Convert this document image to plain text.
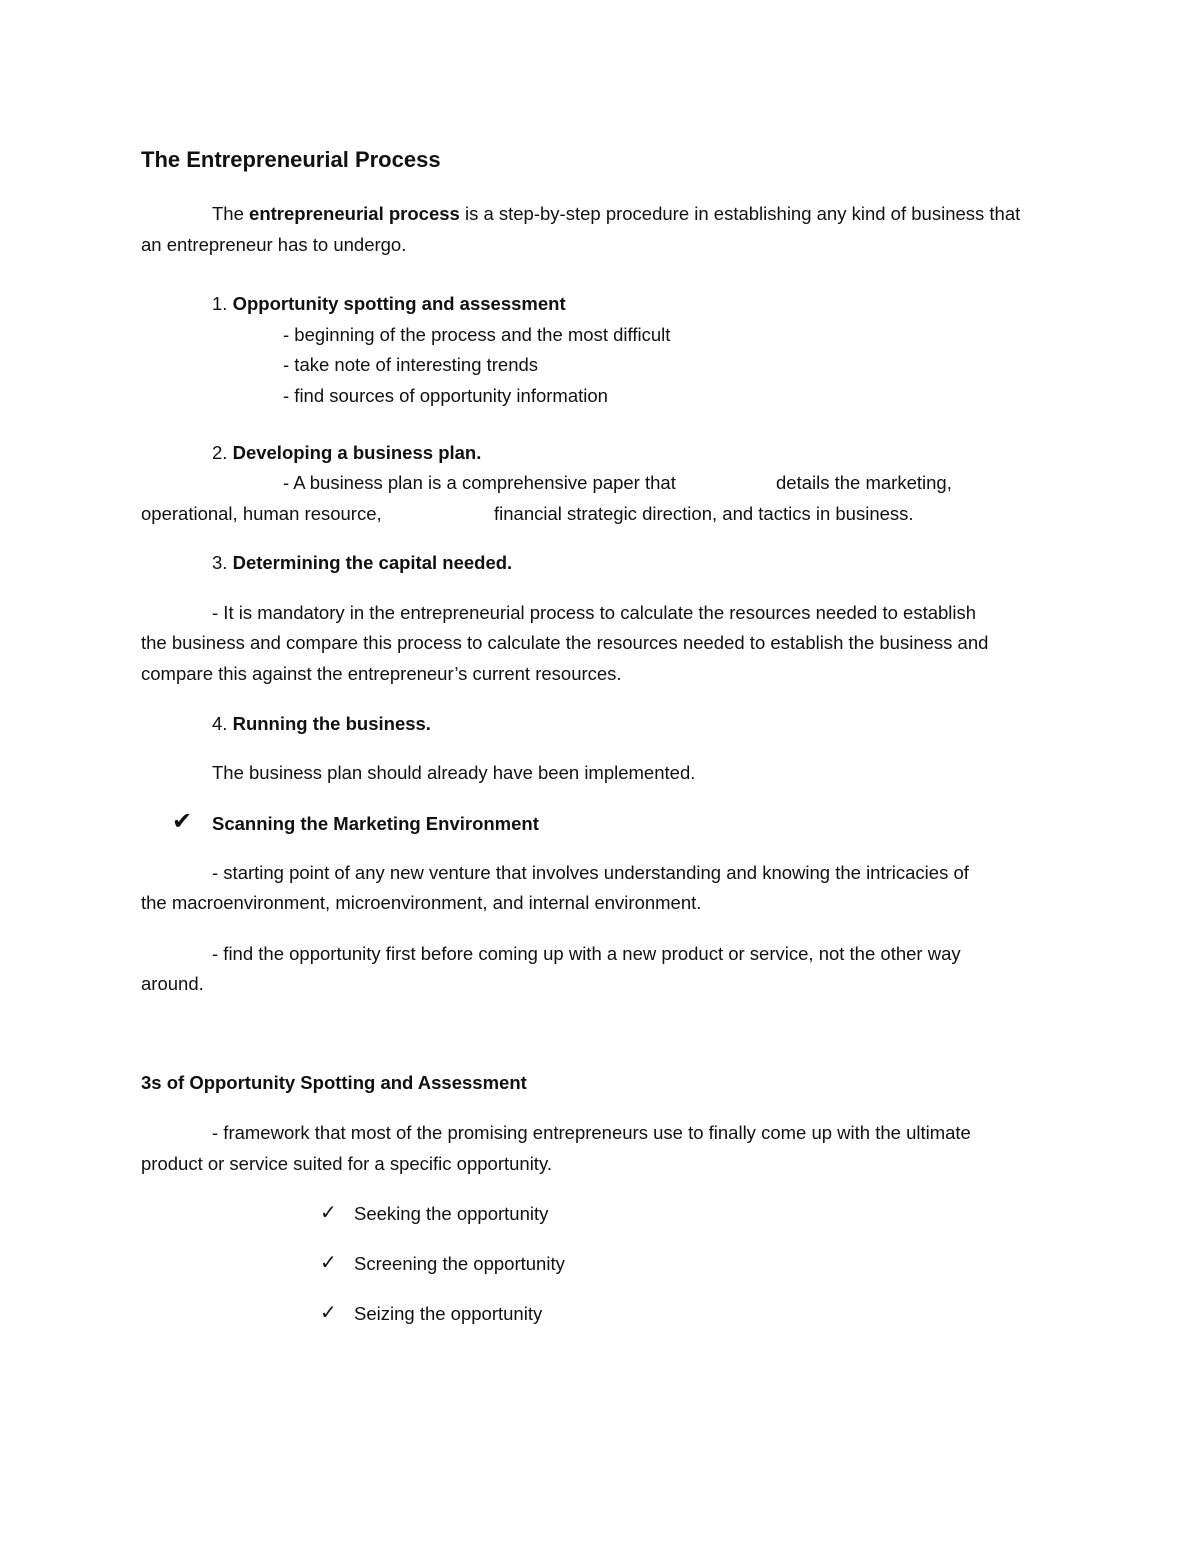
The Entrepreneurial Process
The entrepreneurial process is a step-by-step procedure in establishing any kind of business that
an entrepreneur has to undergo.
1. Opportunity spotting and assessment
- beginning of the process and the most difficult
- take note of interesting trends
- find sources of opportunity information
2. Developing a business plan.
- A business plan is a comprehensive paper that	details the marketing,
operational, human resource,	financial strategic direction, and tactics in business.
3. Determining the capital needed.
- It is mandatory in the entrepreneurial process to calculate the resources needed to establish
the business and compare this process to calculate the resources needed to establish the business and
compare this against the entrepreneur’s current resources.
4. Running the business.
The business plan should already have been implemented.
✔ Scanning the Marketing Environment
- starting point of any new venture that involves understanding and knowing the intricacies of
the macroenvironment, microenvironment, and internal environment.
- find the opportunity first before coming up with a new product or service, not the other way
around.
3s of Opportunity Spotting and Assessment
- framework that most of the promising entrepreneurs use to finally come up with the ultimate
product or service suited for a specific opportunity.
✓ Seeking the opportunity
✓ Screening the opportunity
✓ Seizing the opportunity
